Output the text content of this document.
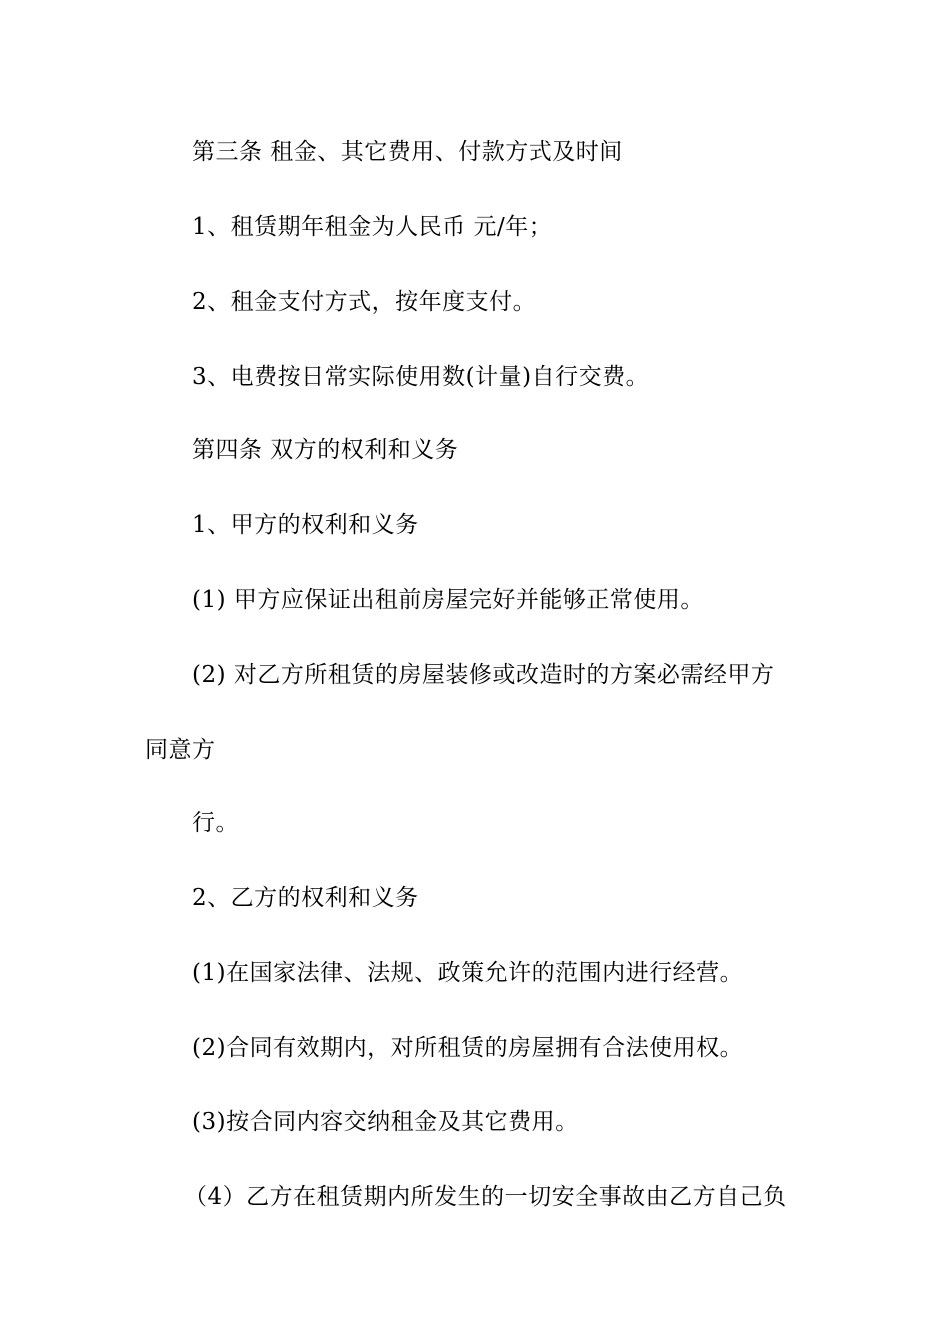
第三条 租金、其它费用、付款方式及时间
1、租赁期年租金为人民币 元/年；
2、租金支付方式，按年度支付。
3、电费按日常实际使用数(计量)自行交费。
第四条 双方的权利和义务
1、甲方的权利和义务
(1) 甲方应保证出租前房屋完好并能够正常使用。
(2) 对乙方所租赁的房屋装修或改造时的方案必需经甲方
同意方
行。
2、乙方的权利和义务
(1)在国家法律、法规、政策允许的范围内进行经营。
(2)合同有效期内，对所租赁的房屋拥有合法使用权。
(3)按合同内容交纳租金及其它费用。
（4）乙方在租赁期内所发生的一切安全事故由乙方自己负
